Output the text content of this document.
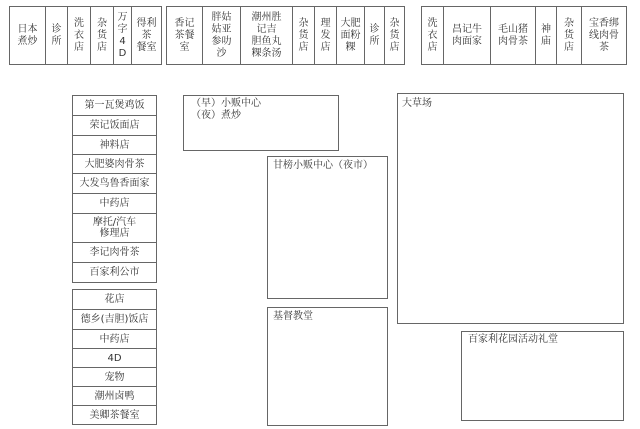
日本
煮炒
诊
所
洗
衣
店
杂
货
店
万
字
4
D
得利茶
餐室
香记
茶餐
室
胖姑
姑亚
参叻
沙
潮州胜
记吉
胆鱼丸
粿条汤
杂
货
店
理
发
店
大肥
面粉
粿
诊
所
杂
货
店
洗
衣
店
昌记牛
肉面家
毛山猪
肉骨茶
神
庙
杂
货
店
宝香绑
线肉骨
茶
第一瓦煲鸡饭
荣记饭面店
神料店
大肥婆肉骨茶
大发鸟鲁香面家
中药店
摩托/汽车
修理店
李记肉骨茶
百家利公市
花店
德乡(吉胆)饭店
中药店
4D
宠物
潮州卤鸭
美卿茶餐室
（早）小贩中心
（夜）煮炒
甘榜小贩中心（夜市）
基督教堂
大草场
百家利花园活动礼堂
